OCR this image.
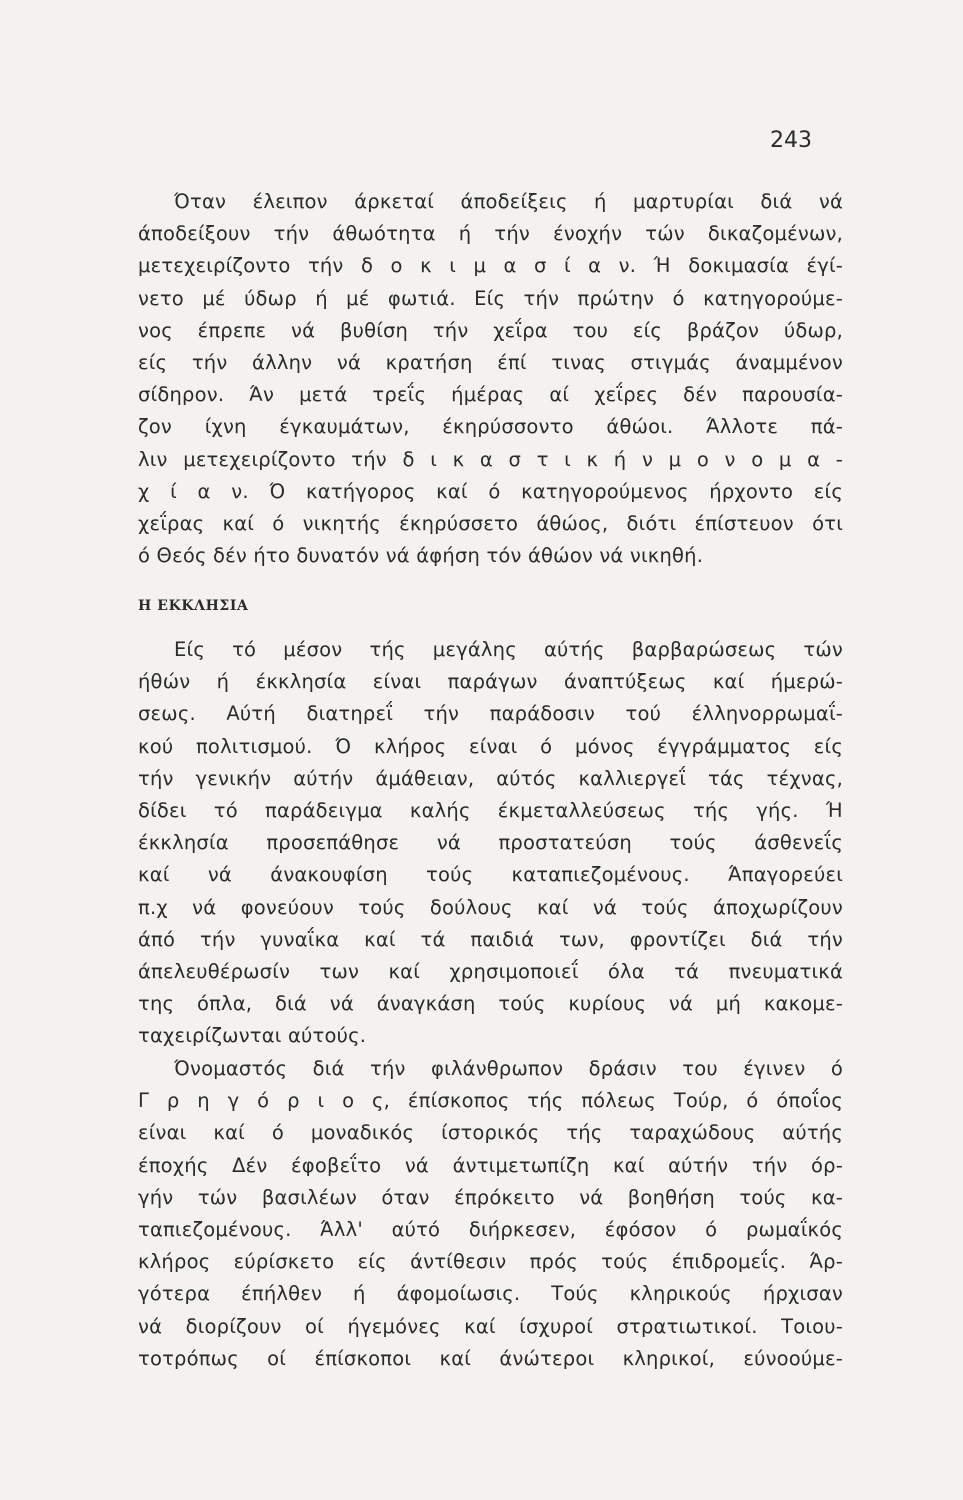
243
Όταν έλειπον άρκεταί άποδείξεις ή μαρτυρίαι διά νά
άποδείξουν τήν άθωότητα ή τήν ένοχήν τών δικαζομένων,
μετεχειρίζοντο τήν δ ο κ ι μ α σ ί α ν. Ή δοκιμασία έγί-
νετο μέ ύδωρ ή μέ φωτιά. Είς τήν πρώτην ό κατηγορούμε-
νος έπρεπε νά βυθίση τήν χεΐρα του είς βράζον ύδωρ,
είς τήν άλλην νά κρατήση έπί τινας στιγμάς άναμμένον
σίδηρον. Άν μετά τρεΐς ήμέρας αί χεΐρες δέν παρουσία-
ζον ίχνη έγκαυμάτων, έκηρύσσοντο άθώοι. Άλλοτε πά-
λιν μετεχειρίζοντο τήν δ ι κ α σ τ ι κ ή ν μ ο ν ο μ α -
χ ί α ν. Ό κατήγορος καί ό κατηγορούμενος ήρχοντο είς
χεΐρας καί ό νικητής έκηρύσσετο άθώος, διότι έπίστευον ότι
ό Θεός δέν ήτο δυνατόν νά άφήση τόν άθώον νά νικηθή.
Η ΕΚΚΛΗΣΙΑ
Είς τό μέσον τής μεγάλης αύτής βαρβαρώσεως τών
ήθών ή έκκλησία είναι παράγων άναπτύξεως καί ήμερώ-
σεως. Αύτή διατηρεΐ τήν παράδοσιν τού έλληνορρωμαΐ-
κού πολιτισμού. Ό κλήρος είναι ό μόνος έγγράμματος είς
τήν γενικήν αύτήν άμάθειαν, αύτός καλλιεργεΐ τάς τέχνας,
δίδει τό παράδειγμα καλής έκμεταλλεύσεως τής γής. Ή
έκκλησία προσεπάθησε νά προστατεύση τούς άσθενεΐς
καί νά άνακουφίση τούς καταπιεζομένους. Άπαγορεύει
π.χ νά φονεύουν τούς δούλους καί νά τούς άποχωρίζουν
άπό τήν γυναΐκα καί τά παιδιά των, φροντίζει διά τήν
άπελευθέρωσίν των καί χρησιμοποιεΐ όλα τά πνευματικά
της όπλα, διά νά άναγκάση τούς κυρίους νά μή κακομε-
ταχειρίζωνται αύτούς.
Όνομαστός διά τήν φιλάνθρωπον δράσιν του έγινεν ό
Γ ρ η γ ό ρ ι ο ς, έπίσκοπος τής πόλεως Τούρ, ό όποΐος
είναι καί ό μοναδικός ίστορικός τής ταραχώδους αύτής
έποχής Δέν έφοβεΐτο νά άντιμετωπίζη καί αύτήν τήν όρ-
γήν τών βασιλέων όταν έπρόκειτο νά βοηθήση τούς κα-
ταπιεζομένους. Άλλ' αύτό διήρκεσεν, έφόσον ό ρωμαΐκός
κλήρος εύρίσκετο είς άντίθεσιν πρός τούς έπιδρομεΐς. Άρ-
γότερα έπήλθεν ή άφομοίωσις. Τούς κληρικούς ήρχισαν
νά διορίζουν οί ήγεμόνες καί ίσχυροί στρατιωτικοί. Τοιου-
τοτρόπως οί έπίσκοποι καί άνώτεροι κληρικοί, εύνοούμε-
